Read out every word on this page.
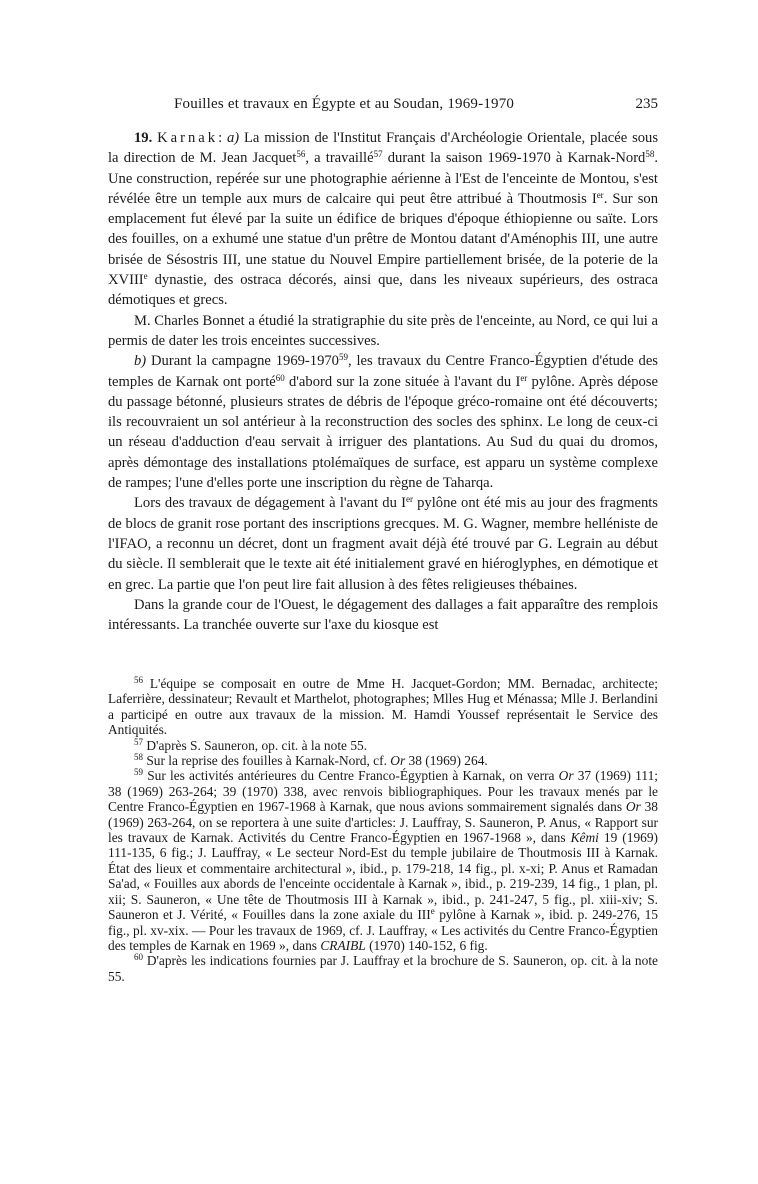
Fouilles et travaux en Égypte et au Soudan, 1969-1970	235

19. Karnak: a) La mission de l'Institut Français d'Archéologie Orientale, placée sous la direction de M. Jean Jacquet$^{56}$, a travaillé$^{57}$ durant la saison 1969-1970 à Karnak-Nord$^{58}$. Une construction, repérée sur une photographie aérienne à l'Est de l'enceinte de Montou, s'est révélée être un temple aux murs de calcaire qui peut être attribué à Thoutmosis Ier. Sur son emplacement fut élevé par la suite un édifice de briques d'époque éthiopienne ou saïte. Lors des fouilles, on a exhumé une statue d'un prêtre de Montou datant d'Aménophis III, une autre brisée de Sésostris III, une statue du Nouvel Empire partiellement brisée, de la poterie de la XVIIIe dynastie, des ostraca décorés, ainsi que, dans les niveaux supérieurs, des ostraca démotiques et grecs.

M. Charles Bonnet a étudié la stratigraphie du site près de l'enceinte, au Nord, ce qui lui a permis de dater les trois enceintes successives.

b) Durant la campagne 1969-1970$^{59}$, les travaux du Centre Franco-Égyptien d'étude des temples de Karnak ont porté$^{60}$ d'abord sur la zone située à l'avant du Ier pylône. Après dépose du passage bétonné, plusieurs strates de débris de l'époque gréco-romaine ont été découverts; ils recouvraient un sol antérieur à la reconstruction des socles des sphinx. Le long de ceux-ci un réseau d'adduction d'eau servait à irriguer des plantations. Au Sud du quai du dromos, après démontage des installations ptolémaïques de surface, est apparu un système complexe de rampes; l'une d'elles porte une inscription du règne de Taharqa.

Lors des travaux de dégagement à l'avant du Ier pylône ont été mis au jour des fragments de blocs de granit rose portant des inscriptions grecques. M. G. Wagner, membre helléniste de l'IFAO, a reconnu un décret, dont un fragment avait déjà été trouvé par G. Legrain au début du siècle. Il semblerait que le texte ait été initialement gravé en hiéroglyphes, en démotique et en grec. La partie que l'on peut lire fait allusion à des fêtes religieuses thébaines.

Dans la grande cour de l'Ouest, le dégagement des dallages a fait apparaître des remplois intéressants. La tranchée ouverte sur l'axe du kiosque est

$^{56}$ L'équipe se composait en outre de Mme H. Jacquet-Gordon; MM. Bernadac, architecte; Laferrière, dessinateur; Revault et Marthelot, photographes; Mlles Hug et Ménassa; Mlle J. Berlandini a participé en outre aux travaux de la mission. M. Hamdi Youssef représentait le Service des Antiquités.

$^{57}$ D'après S. Sauneron, op. cit. à la note 55.

$^{58}$ Sur la reprise des fouilles à Karnak-Nord, cf. Or 38 (1969) 264.

$^{59}$ Sur les activités antérieures du Centre Franco-Égyptien à Karnak, on verra Or 37 (1969) 111; 38 (1969) 263-264; 39 (1970) 338, avec renvois bibliographiques. Pour les travaux menés par le Centre Franco-Égyptien en 1967-1968 à Karnak, que nous avions sommairement signalés dans Or 38 (1969) 263-264, on se reportera à une suite d'articles: J. Lauffray, S. Sauneron, P. Anus, « Rapport sur les travaux de Karnak. Activités du Centre Franco-Égyptien en 1967-1968 », dans Kêmi 19 (1969) 111-135, 6 fig.; J. Lauffray, « Le secteur Nord-Est du temple jubilaire de Thoutmosis III à Karnak. État des lieux et commentaire architectural », ibid., p. 179-218, 14 fig., pl. x-xi; P. Anus et Ramadan Sa'ad, « Fouilles aux abords de l'enceinte occidentale à Karnak », ibid., p. 219-239, 14 fig., 1 plan, pl. xii; S. Sauneron, « Une tête de Thoutmosis III à Karnak », ibid., p. 241-247, 5 fig., pl. xiii-xiv; S. Sauneron et J. Vérité, « Fouilles dans la zone axiale du IIIe pylône à Karnak », ibid. p. 249-276, 15 fig., pl. xv-xix. — Pour les travaux de 1969, cf. J. Lauffray, « Les activités du Centre Franco-Égyptien des temples de Karnak en 1969 », dans CRAIBL (1970) 140-152, 6 fig.

$^{60}$ D'après les indications fournies par J. Lauffray et la brochure de S. Sauneron, op. cit. à la note 55.
